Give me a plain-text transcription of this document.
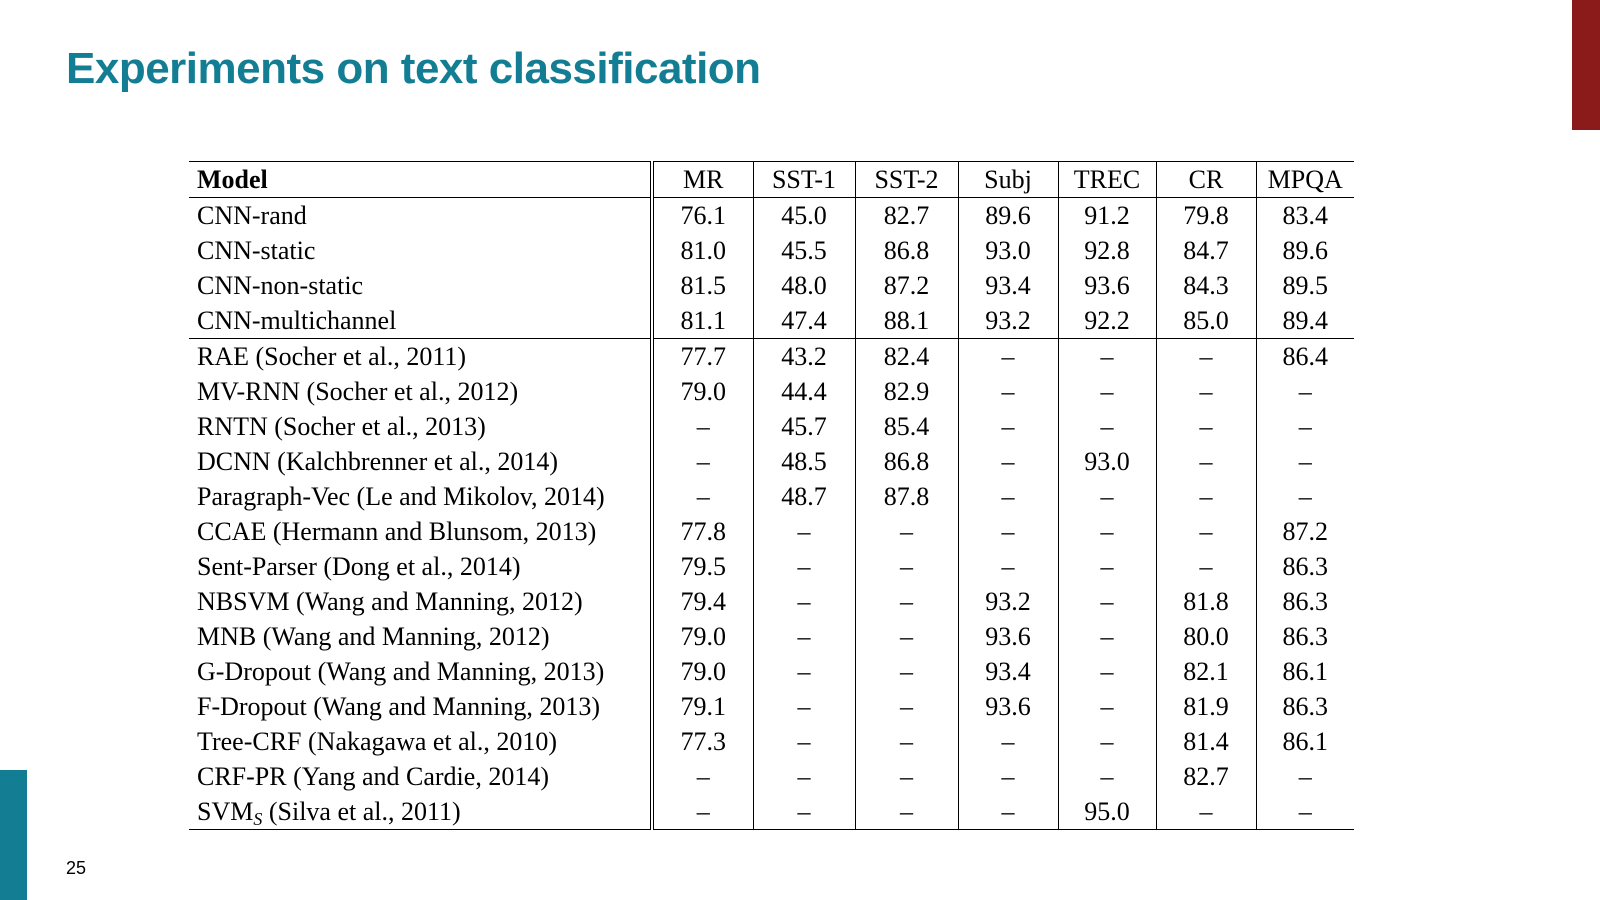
Experiments on text classification
Model	MR	SST-1	SST-2	Subj	TREC	CR	MPQA
CNN-rand	76.1	45.0	82.7	89.6	91.2	79.8	83.4
CNN-static	81.0	45.5	86.8	93.0	92.8	84.7	89.6
CNN-non-static	81.5	48.0	87.2	93.4	93.6	84.3	89.5
CNN-multichannel	81.1	47.4	88.1	93.2	92.2	85.0	89.4
RAE (Socher et al., 2011)	77.7	43.2	82.4	–	–	–	86.4
MV-RNN (Socher et al., 2012)	79.0	44.4	82.9	–	–	–	–
RNTN (Socher et al., 2013)	–	45.7	85.4	–	–	–	–
DCNN (Kalchbrenner et al., 2014)	–	48.5	86.8	–	93.0	–	–
Paragraph-Vec (Le and Mikolov, 2014)	–	48.7	87.8	–	–	–	–
CCAE (Hermann and Blunsom, 2013)	77.8	–	–	–	–	–	87.2
Sent-Parser (Dong et al., 2014)	79.5	–	–	–	–	–	86.3
NBSVM (Wang and Manning, 2012)	79.4	–	–	93.2	–	81.8	86.3
MNB (Wang and Manning, 2012)	79.0	–	–	93.6	–	80.0	86.3
G-Dropout (Wang and Manning, 2013)	79.0	–	–	93.4	–	82.1	86.1
F-Dropout (Wang and Manning, 2013)	79.1	–	–	93.6	–	81.9	86.3
Tree-CRF (Nakagawa et al., 2010)	77.3	–	–	–	–	81.4	86.1
CRF-PR (Yang and Cardie, 2014)	–	–	–	–	–	82.7	–
$SVM_S$ (Silva et al., 2011)	–	–	–	–	95.0	–	–
25
